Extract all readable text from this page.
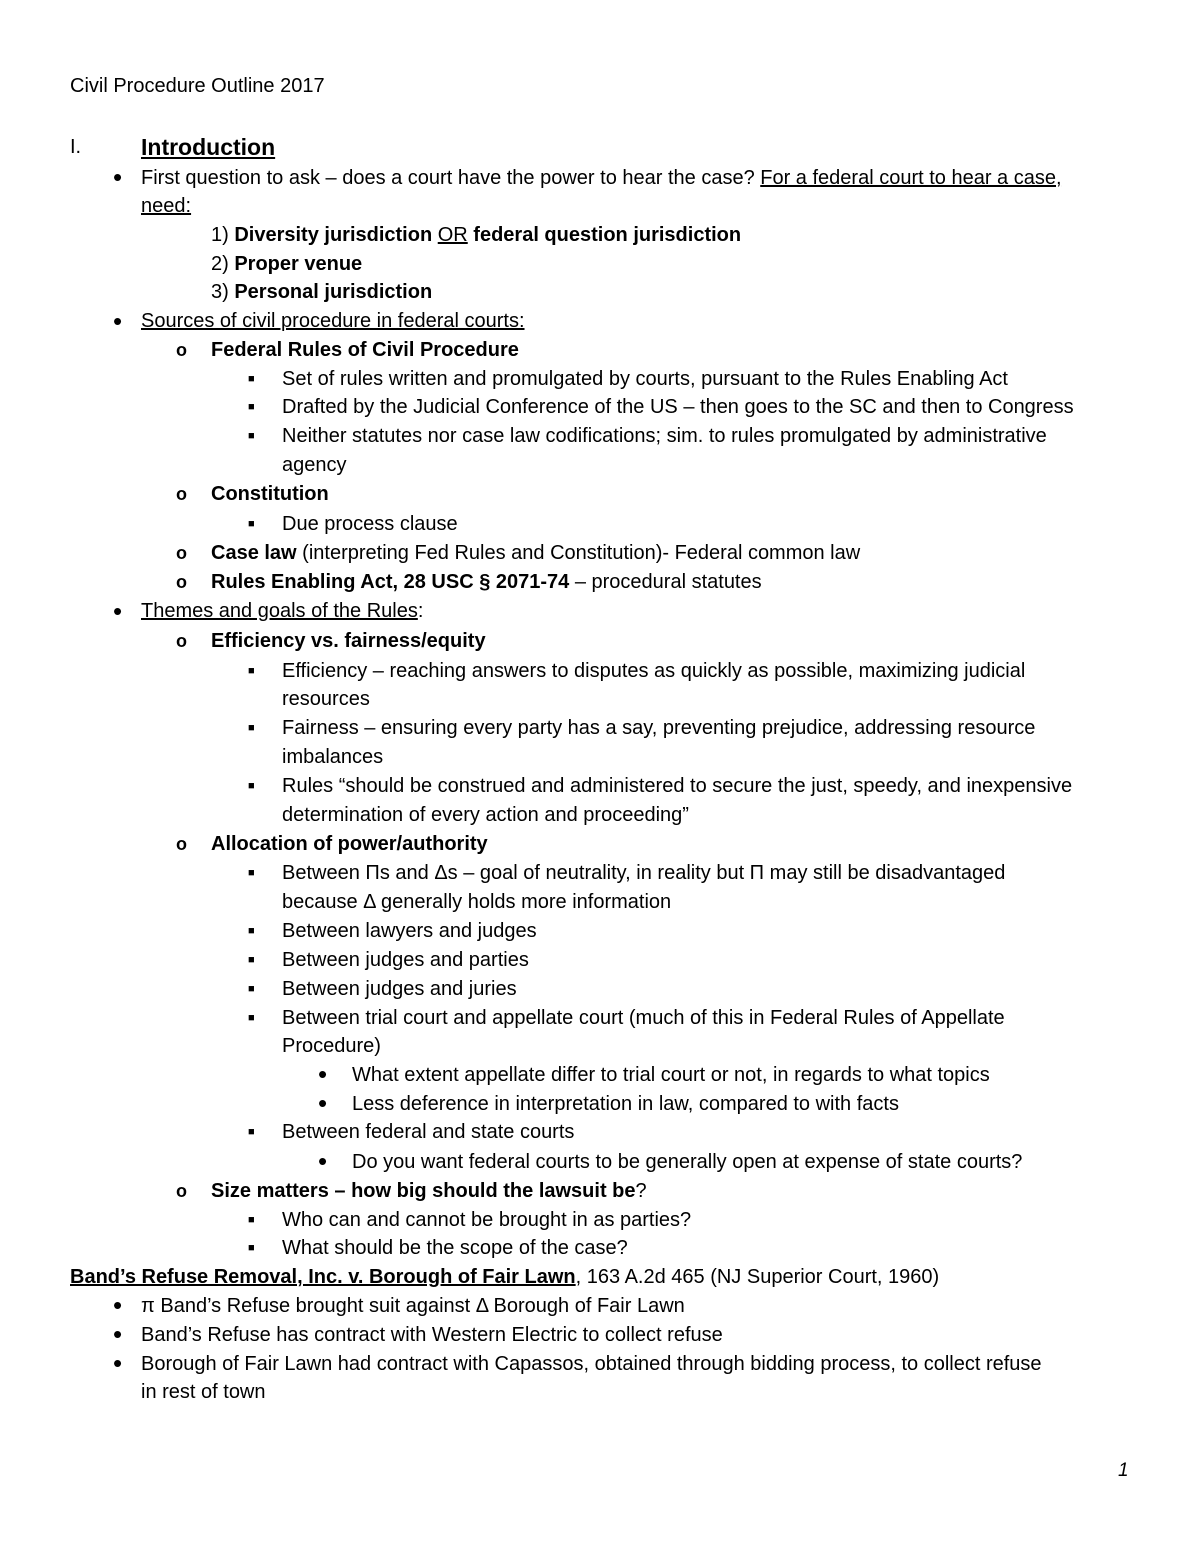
Civil Procedure Outline 2017
I.	Introduction
• First question to ask – does a court have the power to hear the case? For a federal court to hear a case,
need:
1) Diversity jurisdiction OR federal question jurisdiction
2) Proper venue
3) Personal jurisdiction
• Sources of civil procedure in federal courts:
o Federal Rules of Civil Procedure
■ Set of rules written and promulgated by courts, pursuant to the Rules Enabling Act
■ Drafted by the Judicial Conference of the US – then goes to the SC and then to Congress
■ Neither statutes nor case law codifications; sim. to rules promulgated by administrative
agency
o Constitution
■ Due process clause
o Case law (interpreting Fed Rules and Constitution)- Federal common law
o Rules Enabling Act, 28 USC § 2071-74 – procedural statutes
• Themes and goals of the Rules:
o Efficiency vs. fairness/equity
■ Efficiency – reaching answers to disputes as quickly as possible, maximizing judicial
resources
■ Fairness – ensuring every party has a say, preventing prejudice, addressing resource
imbalances
■ Rules “should be construed and administered to secure the just, speedy, and inexpensive
determination of every action and proceeding”
o Allocation of power/authority
■ Between Πs and Δs – goal of neutrality, in reality but Π may still be disadvantaged
because Δ generally holds more information
■ Between lawyers and judges
■ Between judges and parties
■ Between judges and juries
■ Between trial court and appellate court (much of this in Federal Rules of Appellate
Procedure)
• What extent appellate differ to trial court or not, in regards to what topics
• Less deference in interpretation in law, compared to with facts
■ Between federal and state courts
• Do you want federal courts to be generally open at expense of state courts?
o Size matters – how big should the lawsuit be?
■ Who can and cannot be brought in as parties?
■ What should be the scope of the case?
Band’s Refuse Removal, Inc. v. Borough of Fair Lawn, 163 A.2d 465 (NJ Superior Court, 1960)
• π Band’s Refuse brought suit against Δ Borough of Fair Lawn
• Band’s Refuse has contract with Western Electric to collect refuse
• Borough of Fair Lawn had contract with Capassos, obtained through bidding process, to collect refuse
in rest of town
1
